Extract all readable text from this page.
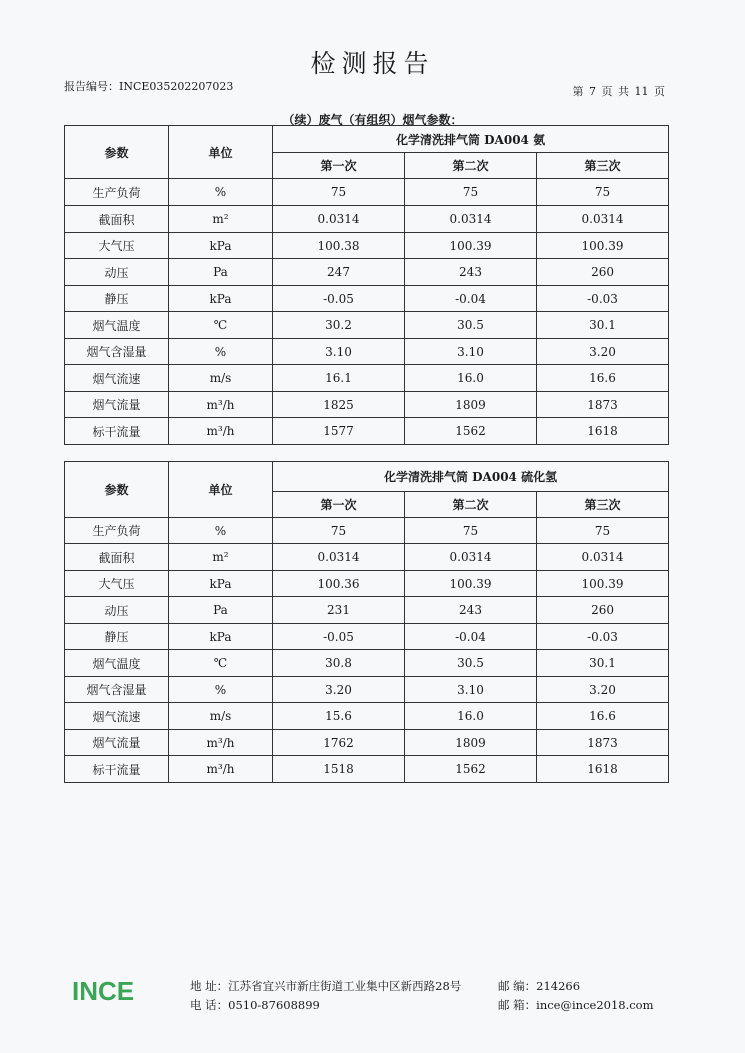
检测报告
报告编号：INCE035202207023	第 7 页 共 11 页
（续）废气（有组织）烟气参数：
参数	单位	化学清洗排气筒 DA004 氨		
		第一次	第二次	第三次
生产负荷	%	75	75	75
截面积	m²	0.0314	0.0314	0.0314
大气压	kPa	100.38	100.39	100.39
动压	Pa	247	243	260
静压	kPa	-0.05	-0.04	-0.03
烟气温度	℃	30.2	30.5	30.1
烟气含湿量	%	3.10	3.10	3.20
烟气流速	m/s	16.1	16.0	16.6
烟气流量	m³/h	1825	1809	1873
标干流量	m³/h	1577	1562	1618
参数	单位	化学清洗排气筒 DA004 硫化氢		
		第一次	第二次	第三次
生产负荷	%	75	75	75
截面积	m²	0.0314	0.0314	0.0314
大气压	kPa	100.36	100.39	100.39
动压	Pa	231	243	260
静压	kPa	-0.05	-0.04	-0.03
烟气温度	℃	30.8	30.5	30.1
烟气含湿量	%	3.20	3.10	3.20
烟气流速	m/s	15.6	16.0	16.6
烟气流量	m³/h	1762	1809	1873
标干流量	m³/h	1518	1562	1618
INCE	地 址：江苏省宜兴市新庄街道工业集中区新西路28号
电 话：0510-87608899
邮 编：214266
邮 箱：ince@ince2018.com
